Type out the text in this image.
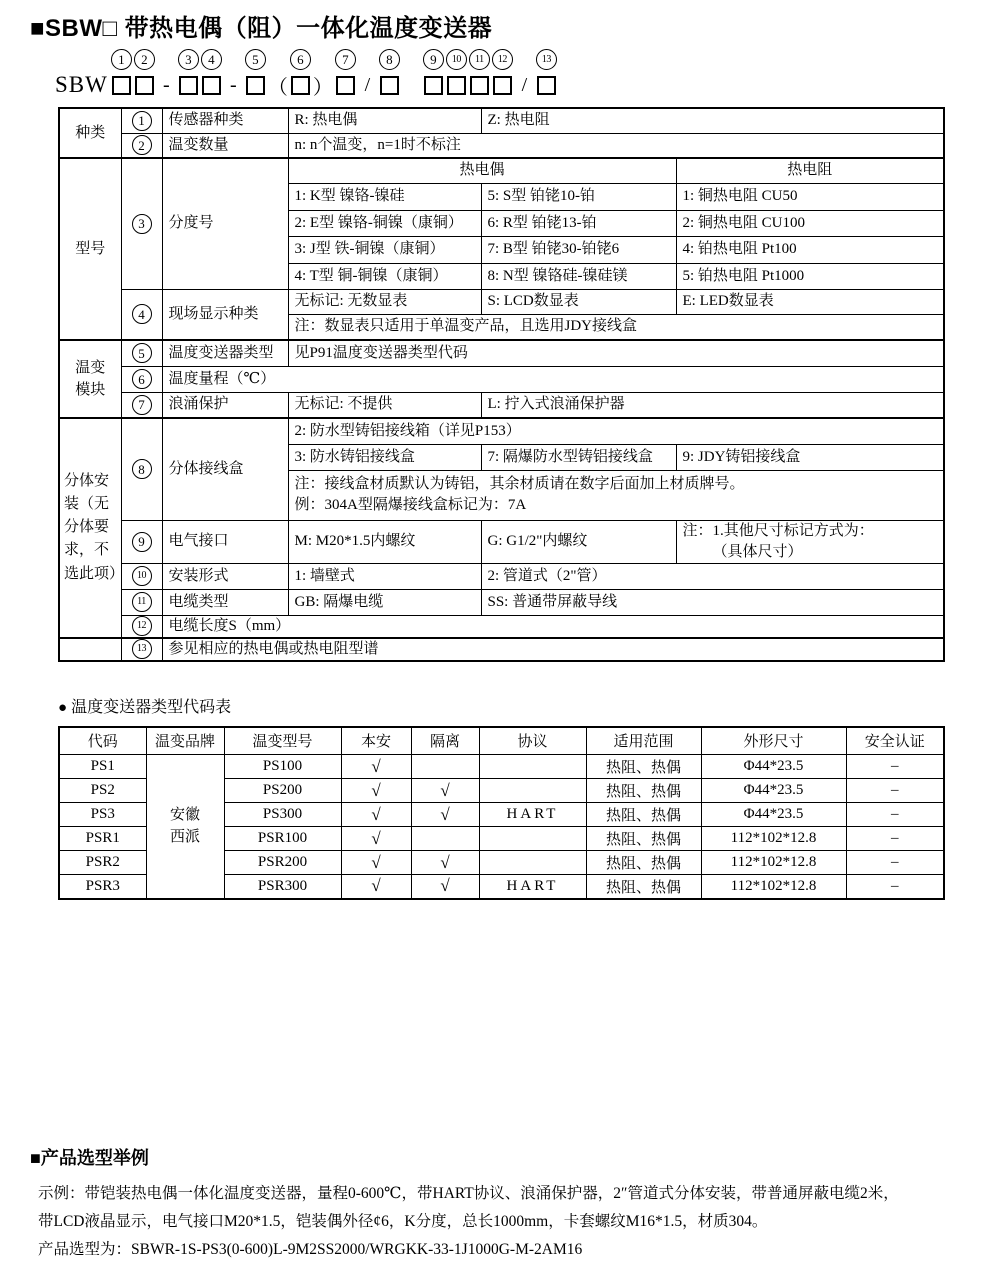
■SBW□ 带热电偶（阻）一体化温度变送器
SBW
1	2
-
3	4
-
5
（
6
）
7
/
8	9	10	11	12
/
13
种类	1	传感器种类	R: 热电偶	Z: 热电阻	
	2	温变数量	n: n个温变，n=1时不标注		
型号	3	分度号	热电偶		热电阻
			1: K型 镍铬-镍硅	5: S型 铂铑10-铂	1: 铜热电阻 CU50
			2: E型 镍铬-铜镍（康铜）	6: R型 铂铑13-铂	2: 铜热电阻 CU100
			3: J型 铁-铜镍（康铜）	7: B型 铂铑30-铂铑6	4: 铂热电阻 Pt100
			4: T型 铜-铜镍（康铜）	8: N型 镍铬硅-镍硅镁	5: 铂热电阻 Pt1000
	4	现场显示种类	无标记: 无数显表	S: LCD数显表	E: LED数显表
			注：数显表只适用于单温变产品，且选用JDY接线盒		
温变模块	5	温度变送器类型	见P91温度变送器类型代码		
	6	温度量程（℃）			
	7	浪涌保护	无标记: 不提供	L: 拧入式浪涌保护器	
分体安装（无分体要求，不选此项）	8	分体接线盒	2: 防水型铸铝接线箱（详见P153）		
			3: 防水铸铝接线盒	7: 隔爆防水型铸铝接线盒	9: JDY铸铝接线盒

			注：接线盒材质默认为铸铝，其余材质请在数字后面加上材质牌号。
例：304A型隔爆接线盒标记为：7A		

	9	电气接口	M: M20*1.5内螺纹	G: G1/2"内螺纹	注：1.其他尺寸标记方式为：
（具体尺寸）

	10	安装形式	1: 墙壁式	2: 管道式（2"管）	
	11	电缆类型	GB: 隔爆电缆	SS: 普通带屏蔽导线	
	12	电缆长度S（mm）			
	13	参见相应的热电偶或热电阻型谱			
● 温度变送器类型代码表
代码	温变品牌	温变型号	本安	隔离	协议	适用范围	外形尺寸	安全认证
PS1	安徽西派	PS100	√			热阻、热偶	Φ44*23.5	–
PS2		PS200	√	√		热阻、热偶	Φ44*23.5	–
PS3		PS300	√	√	HART	热阻、热偶	Φ44*23.5	–
PSR1		PSR100	√			热阻、热偶	112*102*12.8	–
PSR2		PSR200	√	√		热阻、热偶	112*102*12.8	–
PSR3		PSR300	√	√	HART	热阻、热偶	112*102*12.8	–
■产品选型举例
示例：带铠装热电偶一体化温度变送器，量程0-600℃，带HART协议、浪涌保护器，2″管道式分体安装，带普通屏蔽电缆2米，
带LCD液晶显示，电气接口M20*1.5，铠装偶外径¢6，K分度，总长1000mm，卡套螺纹M16*1.5，材质304。
产品选型为：SBWR-1S-PS3(0-600)L-9M2SS2000/WRGKK-33-1J1000G-M-2AM16
